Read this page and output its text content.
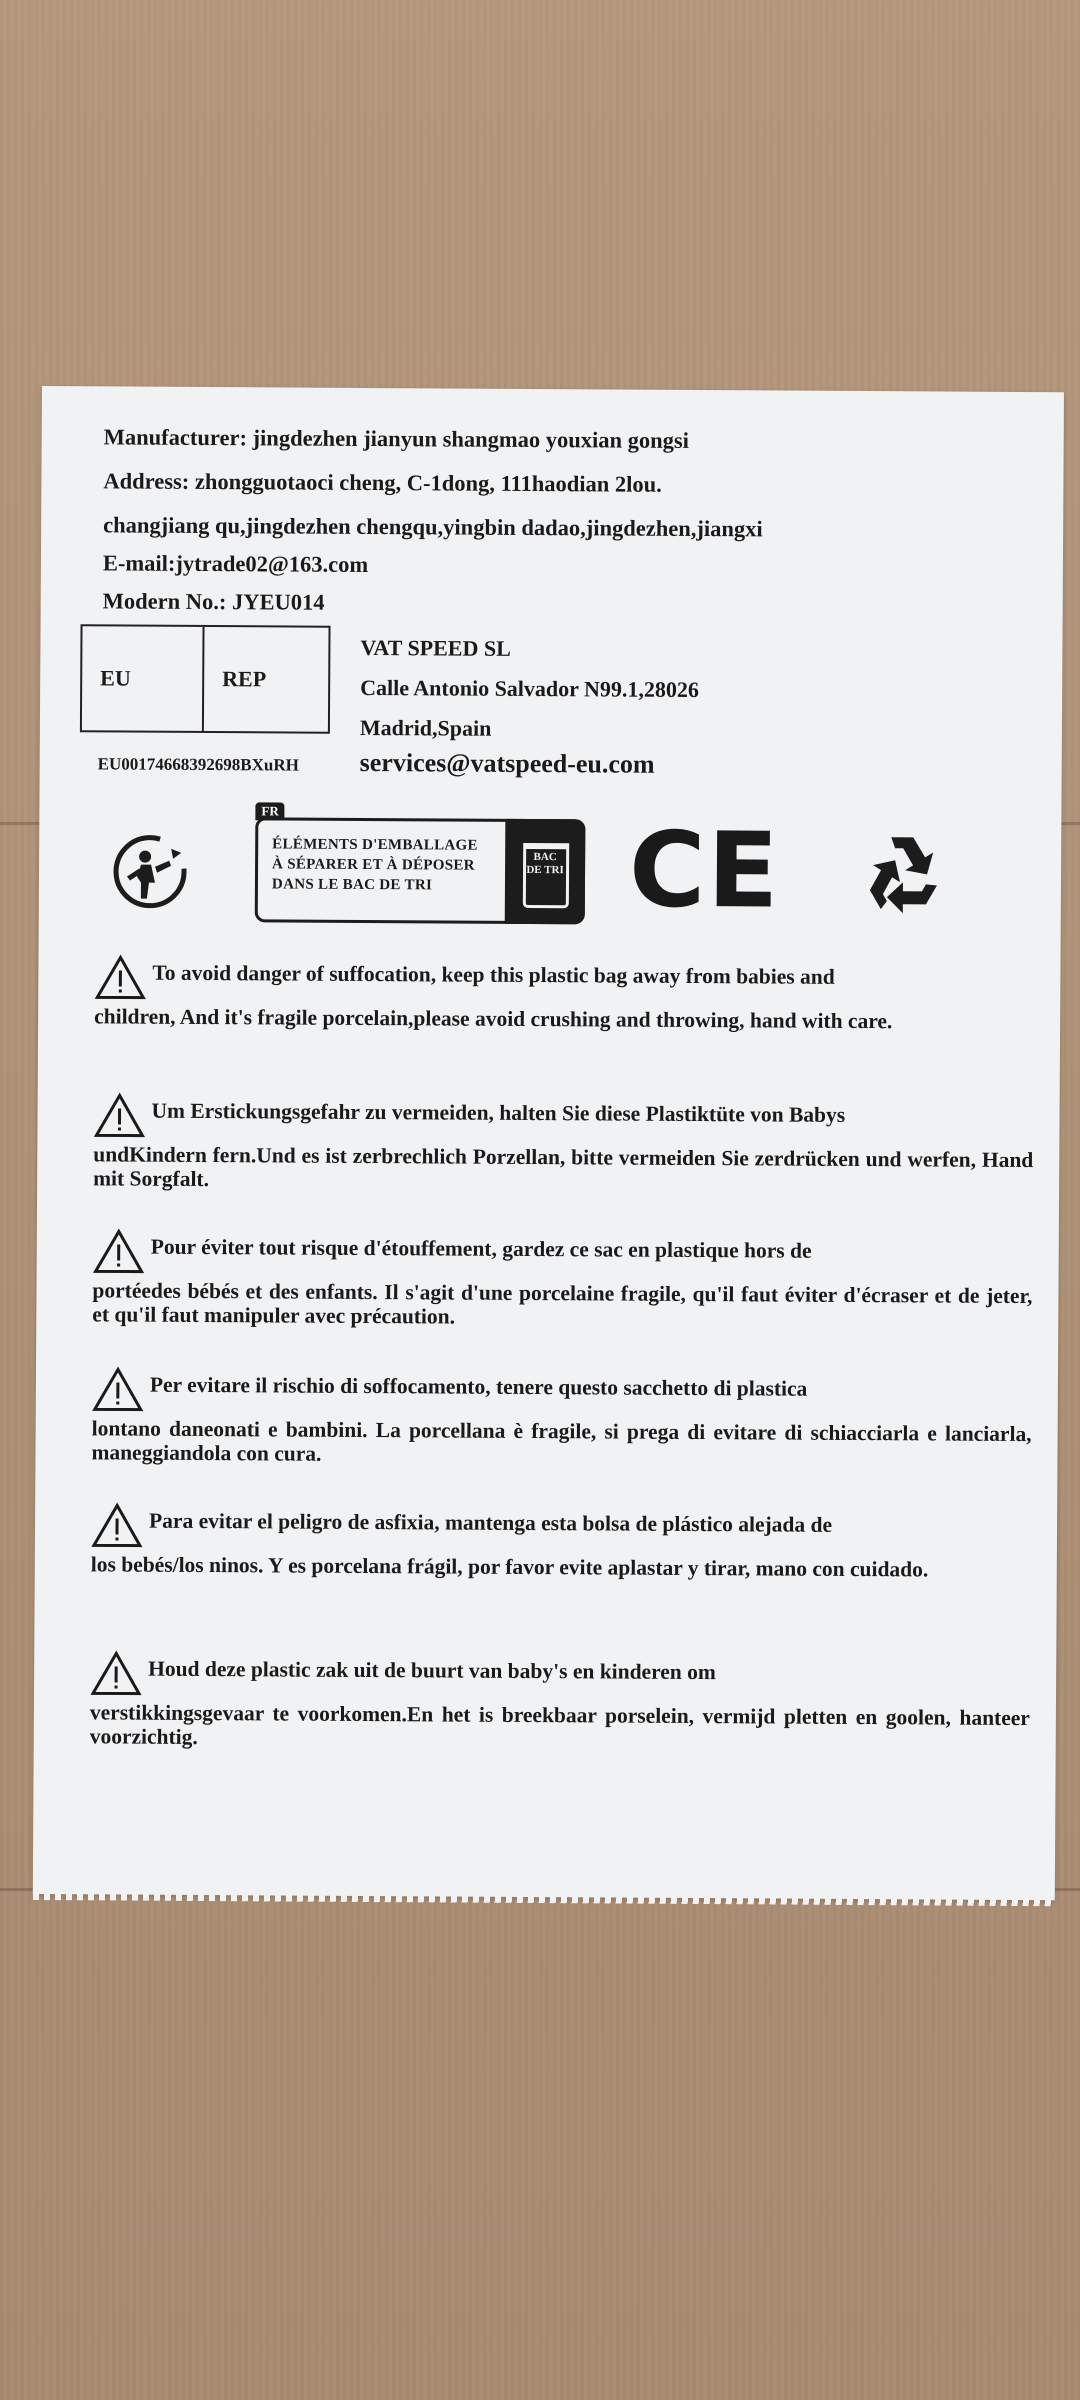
Manufacturer: jingdezhen jianyun shangmao youxian gongsi
Address: zhongguotaoci cheng, C-1dong, 111haodian 2lou.
changjiang qu,jingdezhen chengqu,yingbin dadao,jingdezhen,jiangxi
E-mail:jytrade02@163.com
Modern No.: JYEU014
EU	REP
VAT SPEED SL
Calle Antonio Salvador N99.1,28026
Madrid,Spain
EU00174668392698BXuRH services@vatspeed-eu.com
FR
ÉLÉMENTS D'EMBALLAGE
À SÉPARER ET À DÉPOSER
DANS LE BAC DE TRI
BAC DE TRI CE
To avoid danger of suffocation, keep this plastic bag away from babies and
children, And it's fragile porcelain,please avoid crushing and throwing, hand with care.
Um Erstickungsgefahr zu vermeiden, halten Sie diese Plastiktüte von Babys
undKindern fern.Und es ist zerbrechlich Porzellan, bitte vermeiden Sie zerdrücken und werfen, Hand mit Sorgfalt.
Pour éviter tout risque d'étouffement, gardez ce sac en plastique hors de
portéedes bébés et des enfants. Il s'agit d'une porcelaine fragile, qu'il faut éviter d'écraser et de jeter, et qu'il faut manipuler avec précaution.
Per evitare il rischio di soffocamento, tenere questo sacchetto di plastica
lontano daneonati e bambini. La porcellana è fragile, si prega di evitare di schiacciarla e lanciarla, maneggiandola con cura.
Para evitar el peligro de asfixia, mantenga esta bolsa de plástico alejada de
los bebés/los ninos. Y es porcelana frágil, por favor evite aplastar y tirar, mano con cuidado.
Houd deze plastic zak uit de buurt van baby's en kinderen om
verstikkingsgevaar te voorkomen.En het is breekbaar porselein, vermijd pletten en goolen, hanteer voorzichtig.
